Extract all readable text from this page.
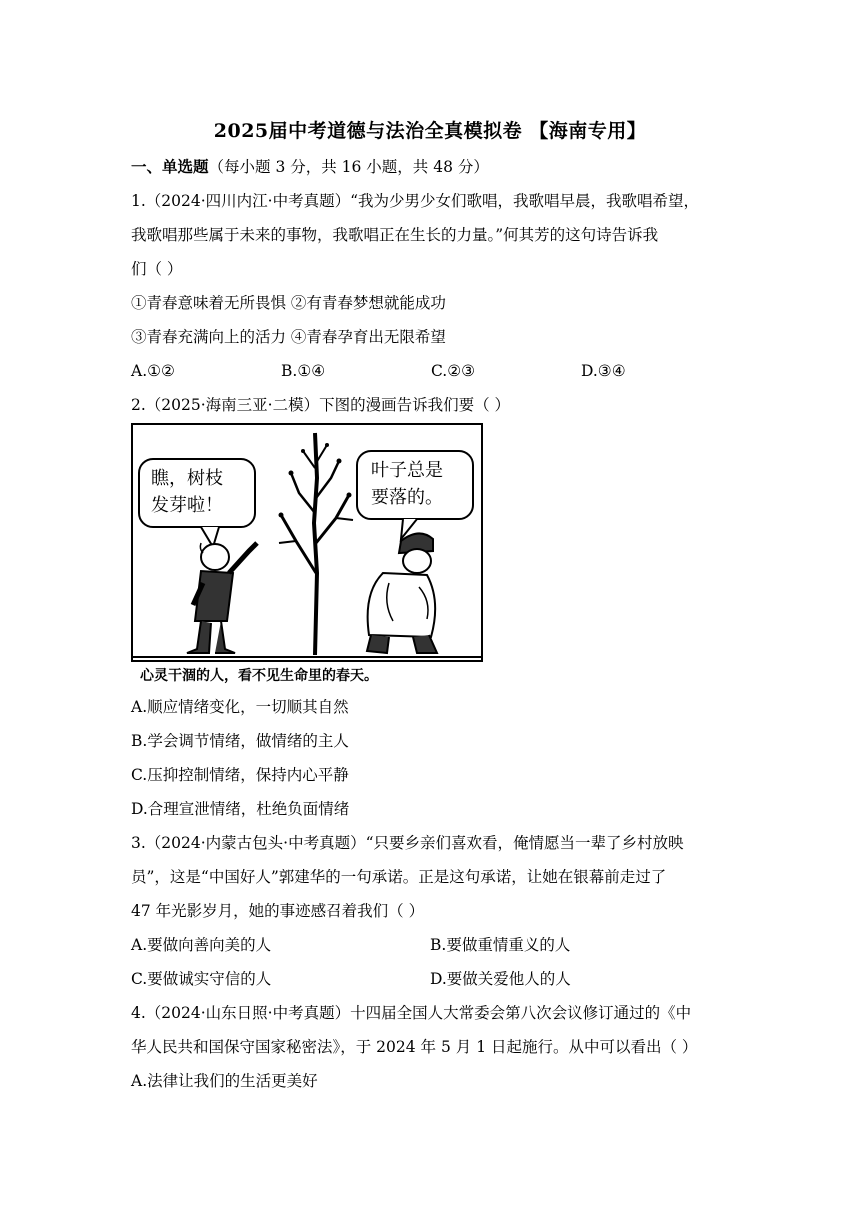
2025届中考道德与法治全真模拟卷 【海南专用】
一、单选题（每小题 3 分，共 16 小题，共 48 分）
1.（2024·四川内江·中考真题）“我为少男少女们歌唱，我歌唱早晨，我歌唱希望，
我歌唱那些属于未来的事物，我歌唱正在生长的力量。”何其芳的这句诗告诉我
们（ ）
①青春意味着无所畏惧 ②有青春梦想就能成功
③青春充满向上的活力 ④青春孕育出无限希望
A.①②	B.①④	C.②③	D.③④
2.（2025·海南三亚·二模）下图的漫画告诉我们要（ ）
瞧，树枝
发芽啦！
叶子总是
要落的。
心灵干涸的人，看不见生命里的春天。
A.顺应情绪变化，一切顺其自然
B.学会调节情绪，做情绪的主人
C.压抑控制情绪，保持内心平静
D.合理宣泄情绪，杜绝负面情绪
3.（2024·内蒙古包头·中考真题）“只要乡亲们喜欢看，俺情愿当一辈了乡村放映
员”，这是“中国好人”郭建华的一句承诺。正是这句承诺，让她在银幕前走过了
47 年光影岁月，她的事迹感召着我们（ ）
A.要做向善向美的人	B.要做重情重义的人
C.要做诚实守信的人	D.要做关爱他人的人
4.（2024·山东日照·中考真题）十四届全国人大常委会第八次会议修订通过的《中
华人民共和国保守国家秘密法》，于 2024 年 5 月 1 日起施行。从中可以看出（ ）
A.法律让我们的生活更美好
